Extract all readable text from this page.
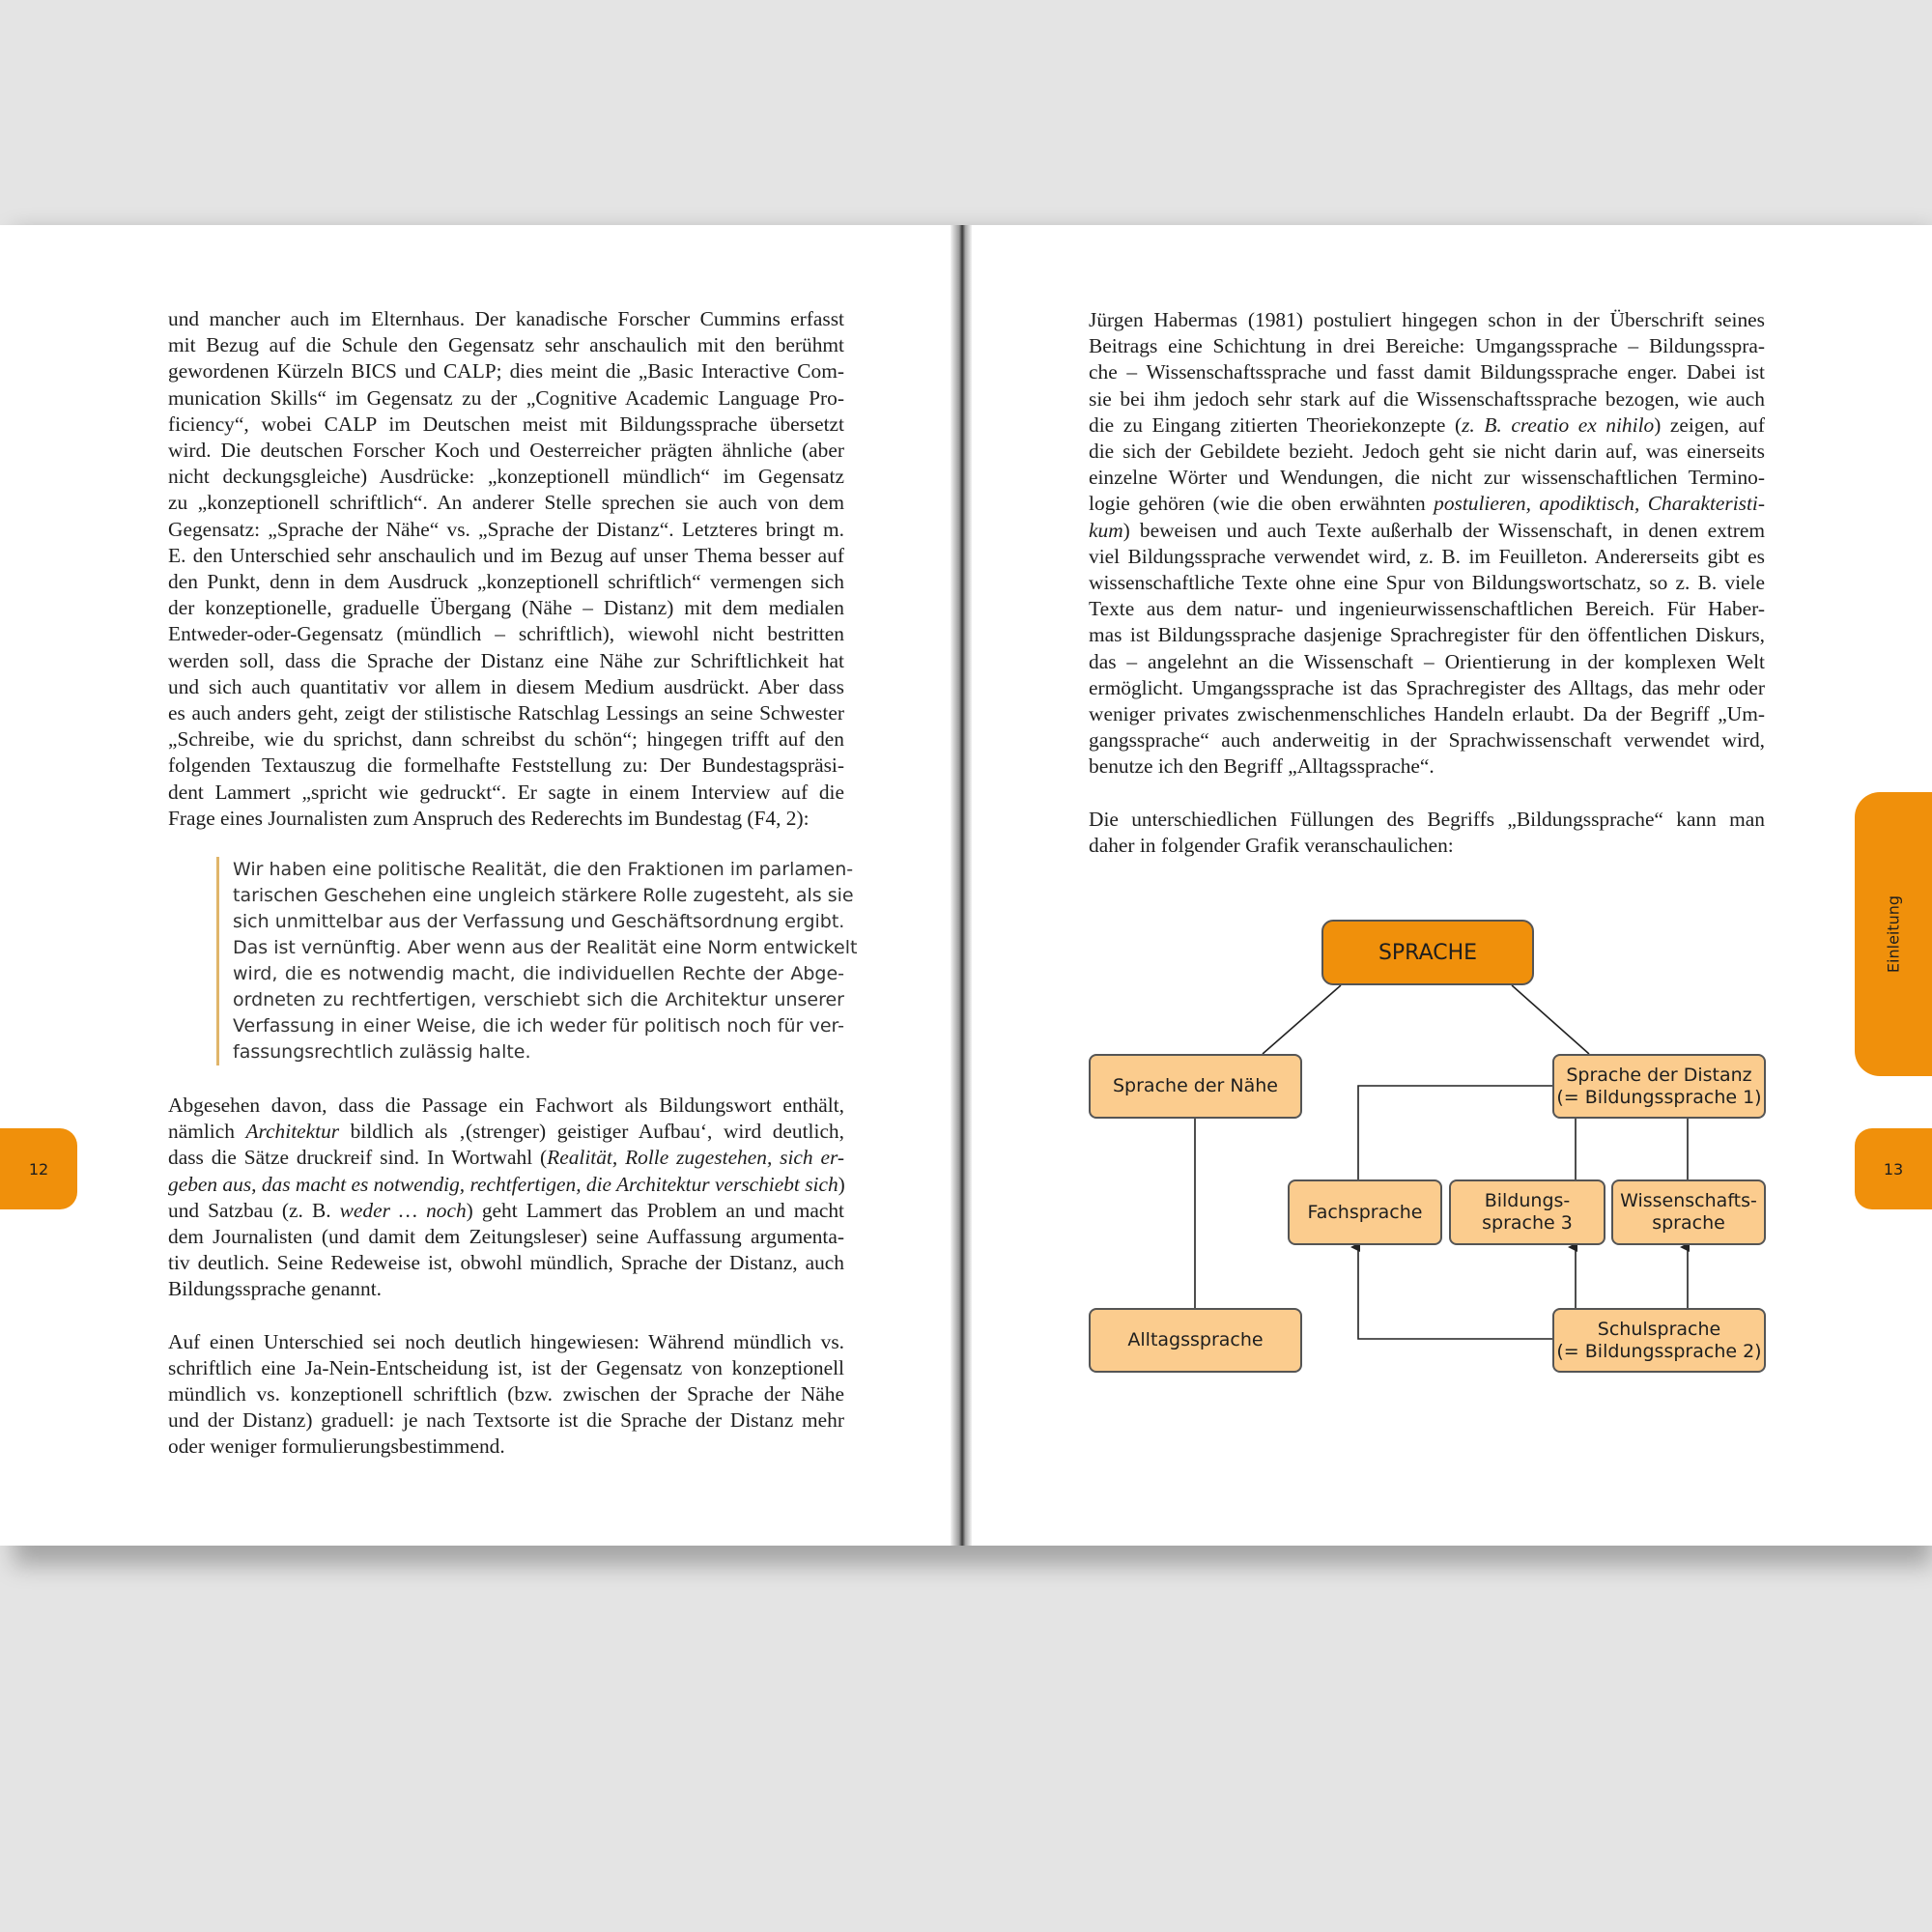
und mancher auch im Elternhaus. Der kanadische Forscher Cummins erfasst
mit Bezug auf die Schule den Gegensatz sehr anschaulich mit den berühmt
gewordenen Kürzeln BICS und CALP; dies meint die „Basic Interactive Com-
munication Skills“ im Gegensatz zu der „Cognitive Academic Language Pro-
ficiency“, wobei CALP im Deutschen meist mit Bildungssprache übersetzt
wird. Die deutschen Forscher Koch und Oesterreicher prägten ähnliche (aber
nicht deckungsgleiche) Ausdrücke: „konzeptionell mündlich“ im Gegensatz
zu „konzeptionell schriftlich“. An anderer Stelle sprechen sie auch von dem
Gegensatz: „Sprache der Nähe“ vs. „Sprache der Distanz“. Letzteres bringt m.
E. den Unterschied sehr anschaulich und im Bezug auf unser Thema besser auf
den Punkt, denn in dem Ausdruck „konzeptionell schriftlich“ vermengen sich
der konzeptionelle, graduelle Übergang (Nähe – Distanz) mit dem medialen
Entweder-oder-Gegensatz (mündlich – schriftlich), wiewohl nicht bestritten
werden soll, dass die Sprache der Distanz eine Nähe zur Schriftlichkeit hat
und sich auch quantitativ vor allem in diesem Medium ausdrückt. Aber dass
es auch anders geht, zeigt der stilistische Ratschlag Lessings an seine Schwester
„Schreibe, wie du sprichst, dann schreibst du schön“; hingegen trifft auf den
folgenden Textauszug die formelhafte Feststellung zu: Der Bundestagspräsi-
dent Lammert „spricht wie gedruckt“. Er sagte in einem Interview auf die
Frage eines Journalisten zum Anspruch des Rederechts im Bundestag (F4, 2):
Wir haben eine politische Realität, die den Fraktionen im parlamen-
tarischen Geschehen eine ungleich stärkere Rolle zugesteht, als sie
sich unmittelbar aus der Verfassung und Geschäftsordnung ergibt.
Das ist vernünftig. Aber wenn aus der Realität eine Norm entwickelt
wird, die es notwendig macht, die individuellen Rechte der Abge-
ordneten zu rechtfertigen, verschiebt sich die Architektur unserer
Verfassung in einer Weise, die ich weder für politisch noch für ver-
fassungsrechtlich zulässig halte.

Abgesehen davon, dass die Passage ein Fachwort als Bildungswort enthält,
nämlich Architektur bildlich als ‚(strenger) geistiger Aufbau‘, wird deutlich,
dass die Sätze druckreif sind. In Wortwahl (Realität, Rolle zugestehen, sich er-
geben aus, das macht es notwendig, rechtfertigen, die Architektur verschiebt sich)
und Satzbau (z. B. weder … noch) geht Lammert das Problem an und macht
dem Journalisten (und damit dem Zeitungsleser) seine Auffassung argumenta-
tiv deutlich. Seine Redeweise ist, obwohl mündlich, Sprache der Distanz, auch
Bildungssprache genannt.

Auf einen Unterschied sei noch deutlich hingewiesen: Während mündlich vs.
schriftlich eine Ja-Nein-Entscheidung ist, ist der Gegensatz von konzeptionell
mündlich vs. konzeptionell schriftlich (bzw. zwischen der Sprache der Nähe
und der Distanz) graduell: je nach Textsorte ist die Sprache der Distanz mehr
oder weniger formulierungsbestimmend.

12

Jürgen Habermas (1981) postuliert hingegen schon in der Überschrift seines
Beitrags eine Schichtung in drei Bereiche: Umgangssprache – Bildungsspra-
che – Wissenschaftssprache und fasst damit Bildungssprache enger. Dabei ist
sie bei ihm jedoch sehr stark auf die Wissenschaftssprache bezogen, wie auch
die zu Eingang zitierten Theoriekonzepte (z. B. creatio ex nihilo) zeigen, auf
die sich der Gebildete bezieht. Jedoch geht sie nicht darin auf, was einerseits
einzelne Wörter und Wendungen, die nicht zur wissenschaftlichen Termino-
logie gehören (wie die oben erwähnten postulieren, apodiktisch, Charakteristi-
kum) beweisen und auch Texte außerhalb der Wissenschaft, in denen extrem
viel Bildungssprache verwendet wird, z. B. im Feuilleton. Andererseits gibt es
wissenschaftliche Texte ohne eine Spur von Bildungswortschatz, so z. B. viele
Texte aus dem natur- und ingenieurwissenschaftlichen Bereich. Für Haber-
mas ist Bildungssprache dasjenige Sprachregister für den öffentlichen Diskurs,
das – angelehnt an die Wissenschaft – Orientierung in der komplexen Welt
ermöglicht. Umgangssprache ist das Sprachregister des Alltags, das mehr oder
weniger privates zwischenmenschliches Handeln erlaubt. Da der Begriff „Um-
gangssprache“ auch anderweitig in der Sprachwissenschaft verwendet wird,
benutze ich den Begriff „Alltagssprache“.

Die unterschiedlichen Füllungen des Begriffs „Bildungssprache“ kann man
daher in folgender Grafik veranschaulichen:

Einleitung
13
SPRACHE
Sprache der Nähe
Sprache der Distanz
(= Bildungssprache 1)
Fachsprache
Bildungs-
sprache 3
Wissenschafts-
sprache
Alltagssprache
Schulsprache
(= Bildungssprache 2)
